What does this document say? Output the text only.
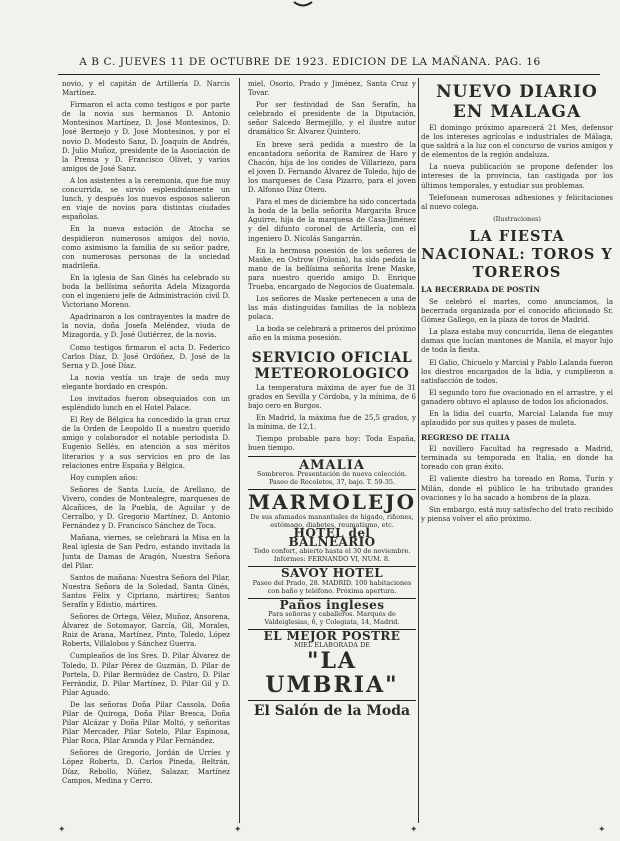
A B C. JUEVES 11 DE OCTUBRE DE 1923. EDICION DE LA MAÑANA. PAG. 16

novio, y el capitán de Artillería D. Narcis Martínez.

Firmaron el acta como testigos e por parte de la novia sus hermanos D. Antonio Montesinos Martínez, D. José Montesinos, D. José Bermejo y D. José Montesinos, y por el novio D. Modesto Sanz, D. Joaquín de Andrés, D. Julio Muñoz, presidente de la Asociación de la Prensa y D. Francisco Olivet, y varios amigos de José Sanz.

A los asistentes a la ceremonia, que fue muy concurrida, se sirvió esplendidamente un lunch, y después los nuevos esposos salieron en viaje de novios para distintas ciudades españolas.

En la nueva estación de Atocha se despidieron numerosos amigos del novio, como asimismo la familia de su señor padre, con numerosas personas de la sociedad madrileña.

En la iglesia de San Ginés ha celebrado su boda la bellísima señorita Adela Mizagorda con el ingeniero jefe de Administración civil D. Victoriano Moreno.

Apadrinaron a los contrayentes la madre de la novia, doña Josefa Meléndez, viuda de Mizagorda, y D. José Gutiérrez, de la novia.

Como testigos firmaron el acta D. Federico Carlos Díaz, D. José Ordóñez, D. José de la Serna y D. José Díaz.

La novia vestía un traje de seda muy elegante bordado en crespón.

Los invitados fueron obsequiados con un espléndido lunch en el Hotel Palace.

El Rey de Bélgica ha concedido la gran cruz de la Orden de Leopoldo II a nuestro querido amigo y colaborador el notable periodista D. Eugenio Sellés, en atención a sus méritos literarios y a sus servicios en pro de las relaciones entre España y Bélgica.

Hoy cumplen años:

Señores de Santa Lucía, de Arellano, de Vivero, condes de Montealegre, marqueses de Alcañices, de la Puebla, de Aguilar y de Cerralbo, y D. Gregorio Martínez, D. Antonio Fernández y D. Francisco Sánchez de Toca.

Mañana, viernes, se celebrará la Misa en la Real iglesia de San Pedro, estando invitada la Junta de Damas de Aragón, Nuestra Señora del Pilar.

Santos de mañana: Nuestra Señora del Pilar, Nuestra Señora de la Soledad, Santa Ginés, Santos Félix y Cipriano, mártires; Santos Serafín y Edistio, mártires.

Señores de Ortega, Vélez, Muñoz, Ansorena, Álvarez de Sotomayor, García, Gil, Morales, Ruiz de Arana, Martínez, Pinto, Toledo, López Roberts, Villalobos y Sánchez Guerra.

Cumpleaños de los Sres. D. Pilar Álvarez de Toledo, D. Pilar Pérez de Guzmán, D. Pilar de Portela, D. Pilar Bermúdez de Castro, D. Pilar Ferrándiz, D. Pilar Martínez, D. Pilar Gil y D. Pilar Aguado.

De las señoras Doña Pilar Cassola, Doña Pilar de Quiroga, Doña Pilar Bresca, Doña Pilar Alcázar y Doña Pilar Moltó, y señoritas Pilar Mercader, Pilar Sotelo, Pilar Espinosa, Pilar Roca, Pilar Aranda y Pilar Fernández.

Señores de Gregorio, Jordán de Urríes y López Roberts, D. Carlos Pineda, Beltrán, Díaz, Rebollo, Núñez, Salazar, Martínez Campos, Medina y Cerro.

miel, Osorio, Prado y Jiménez, Santa Cruz y Tovar.

Por ser festividad de San Serafín, ha celebrado el presidente de la Diputación, señor Salcedo Bermejillo, y el ilustre autor dramático Sr. Álvarez Quintero.

En breve será pedida a nuestro de la encantadora señorita de Ramírez de Haro y Chacón, hija de los condes de Villariezo, para el joven D. Fernando Álvarez de Toledo, hijo de los marqueses de Casa Pizarro, para el joven D. Alfonso Díaz Otero.

Para el mes de diciembre ha sido concertada la boda de la bella señorita Margarita Bruce Aguirre, hija de la marquesa de Casa-Jiménez y del difunto coronel de Artillería, con el ingeniero D. Nicolás Sangarrán.

En la hermosa posesión de los señores de Maske, en Ostrow (Polonia), ha sido pedida la mano de la bellísima señorita Irene Maske, para nuestro querido amigo D. Enrique Trueba, encargado de Negocios de Guatemala.

Los señores de Maske pertenecen a una de las más distinguidas familias de la nobleza polaca.

La boda se celebrará a primeros del próximo año en la misma posesión.

SERVICIO OFICIAL METEOROLOGICO

La temperatura máxima de ayer fue de 31 grados en Sevilla y Córdoba, y la mínima, de 6 bajo cero en Burgos.

En Madrid, la máxima fue de 25,5 grados, y la mínima, de 12,1.

Tiempo probable para hoy: Toda España, buen tiempo.

AMALIA
Sombreros. Presentación de nueva colección. Paseo de Recoletos, 37, bajo. T. 59-35.
MARMOLEJO
De sus afamados manantiales de hígado, riñones, estómago, diabetes, reumatismo, etc.
HOTEL del BALNEARIO
Todo confort, abierto hasta el 30 de noviembre. Informes: FERNANDO VI, NUM. 8.
SAVOY HOTEL
Paseo del Prado, 28. MADRID. 100 habitaciones con baño y teléfono. Próxima apertura.
Paños ingleses
Para señoras y caballeros. Marqués de Valdeiglesias, 6, y Colegiata, 14, Madrid.
EL MEJOR POSTRE
MIEL ELABORADA DE
"LA UMBRIA"
El Salón de la Moda
NUEVO DIARIO EN MALAGA

El domingo próximo aparecerá 21 Mes, defensor de los intereses agrícolas e industriales de Málaga, que saldrá a la luz con el concurso de varios amigos y de elementos de la región andaluza.

La nueva publicación se propone defender los intereses de la provincia, tan castigada por los últimos temporales, y estudiar sus problemas.

Telefonean numerosas adhesiones y felicitaciones al nuevo colega.

(Ilustraciones)
LA FIESTA NACIONAL: TOROS Y TOREROS
LA BECERRADA DE POSTÍN

Se celebró el martes, como anunciamos, la becerrada organizada por el conocido aficionado Sr. Gómez Gallego, en la plaza de toros de Madrid.

La plaza estaba muy concurrida, llena de elegantes damas que lucían mantones de Manila, el mayor lujo de toda la fiesta.

El Galio, Chicuelo y Marcial y Pablo Lalanda fueron los diestros encargados de la lidia, y cumplieron a satisfacción de todos.

El segundo toro fue ovacionado en el arrastre, y el ganadero obtuvo el aplauso de todos los aficionados.

En la lidia del cuarto, Marcial Lalanda fue muy aplaudido por sus quites y pases de muleta.

REGRESO DE ITALIA

El novillero Facultad ha regresado a Madrid, terminada su temporada en Italia, en donde ha toreado con gran éxito.

El valiente diestro ha toreado en Roma, Turín y Milán, donde el público le ha tributado grandes ovaciones y lo ha sacado a hombros de la plaza.

Sin embargo, está muy satisfecho del trato recibido y piensa volver el año próximo.

✦	✦	✦	✦
